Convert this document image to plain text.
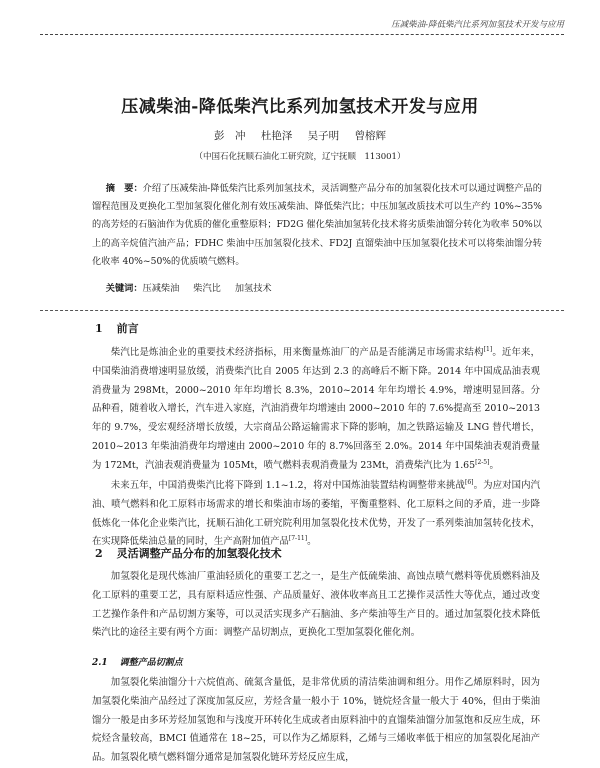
压减柴油-降低柴汽比系列加氢技术开发与应用
压减柴油-降低柴汽比系列加氢技术开发与应用
彭　冲 杜艳泽 吴子明 曾榕辉
（中国石化抚顺石油化工研究院，辽宁抚顺　113001）
摘　要：介绍了压减柴油-降低柴汽比系列加氢技术，灵活调整产品分布的加氢裂化技术可以通过调整产品的馏程范围及更换化工型加氢裂化催化剂有效压减柴油、降低柴汽比；中压加氢改质技术可以生产约 10%~35%的高芳烃的石脑油作为优质的催化重整原料；FD2G 催化柴油加氢转化技术将劣质柴油馏分转化为收率 50%以上的高辛烷值汽油产品；FDHC 柴油中压加氢裂化技术、FD2J 直馏柴油中压加氢裂化技术可以将柴油馏分转化收率 40%~50%的优质喷气燃料。
关键词：压减柴油 柴汽比 加氢技术
1 前言
柴汽比是炼油企业的重要技术经济指标，用来衡量炼油厂的产品是否能满足市场需求结构[1]。近年来，中国柴油消费增速明显放缓，消费柴汽比自 2005 年达到 2.3 的高峰后不断下降。2014 年中国成品油表观消费量为 298Mt，2000~2010 年年均增长 8.3%，2010~2014 年年均增长 4.9%，增速明显回落。分品种看，随着收入增长，汽车进入家庭，汽油消费年均增速由 2000~2010 年的 7.6%提高至 2010~2013 年的 9.7%，受宏观经济增长放缓，大宗商品公路运输需求下降的影响，加之铁路运输及 LNG 替代增长，2010~2013 年柴油消费年均增速由 2000~2010 年的 8.7%回落至 2.0%。2014 年中国柴油表观消费量为 172Mt，汽油表观消费量为 105Mt，喷气燃料表观消费量为 23Mt，消费柴汽比为 1.65[2-5]。
未来五年，中国消费柴汽比将下降到 1.1~1.2，将对中国炼油装置结构调整带来挑战[6]。为应对国内汽油、喷气燃料和化工原料市场需求的增长和柴油市场的萎缩，平衡重整料、化工原料之间的矛盾，进一步降低炼化一体化企业柴汽比，抚顺石油化工研究院利用加氢裂化技术优势，开发了一系列柴油加氢转化技术，在实现降低柴油总量的同时，生产高附加值产品[7-11]。
2 灵活调整产品分布的加氢裂化技术
加氢裂化是现代炼油厂重油轻质化的重要工艺之一，是生产低硫柴油、高蚀点喷气燃料等优质燃料油及化工原料的重要工艺，具有原料适应性强、产品质量好、液体收率高且工艺操作灵活性大等优点，通过改变工艺操作条件和产品切割方案等，可以灵活实现多产石脑油、多产柴油等生产目的。通过加氢裂化技术降低柴汽比的途径主要有两个方面：调整产品切割点，更换化工型加氢裂化催化剂。
2.1 调整产品切割点
加氢裂化柴油馏分十六烷值高、硫氮含量低，是非常优质的清洁柴油调和组分。用作乙烯原料时，因为加氢裂化柴油产品经过了深度加氢反应，芳烃含量一般小于 10%，链烷烃含量一般大于 40%，但由于柴油馏分一般是由多环芳烃加氢饱和与浅度开环转化生成或者由原料油中的直馏柴油馏分加氢饱和反应生成，环烷烃含量较高，BMCI 值通常在 18~25，可以作为乙烯原料，乙烯与三烯收率低于相应的加氢裂化尾油产品。加氢裂化喷气燃料馏分通常是加氢裂化链环芳烃反应生成，
